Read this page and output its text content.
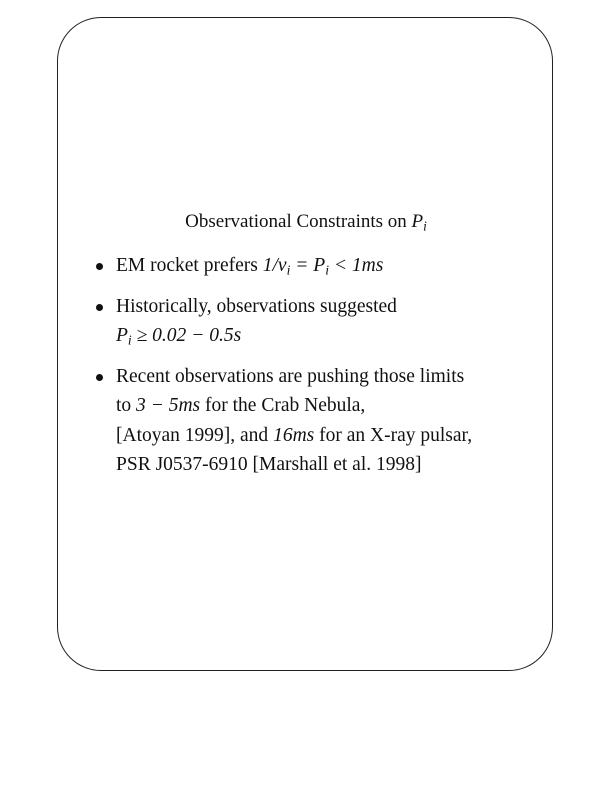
Observational Constraints on $P_i$
EM rocket prefers $1/\nu_i = P_i < 1ms$
Historically, observations suggested
$P_i \ge 0.02 - 0.5s$
Recent observations are pushing those limits
to 3 − 5ms for the Crab Nebula,
[Atoyan 1999], and 16ms for an X-ray pulsar,
PSR J0537-6910 [Marshall et al. 1998]
